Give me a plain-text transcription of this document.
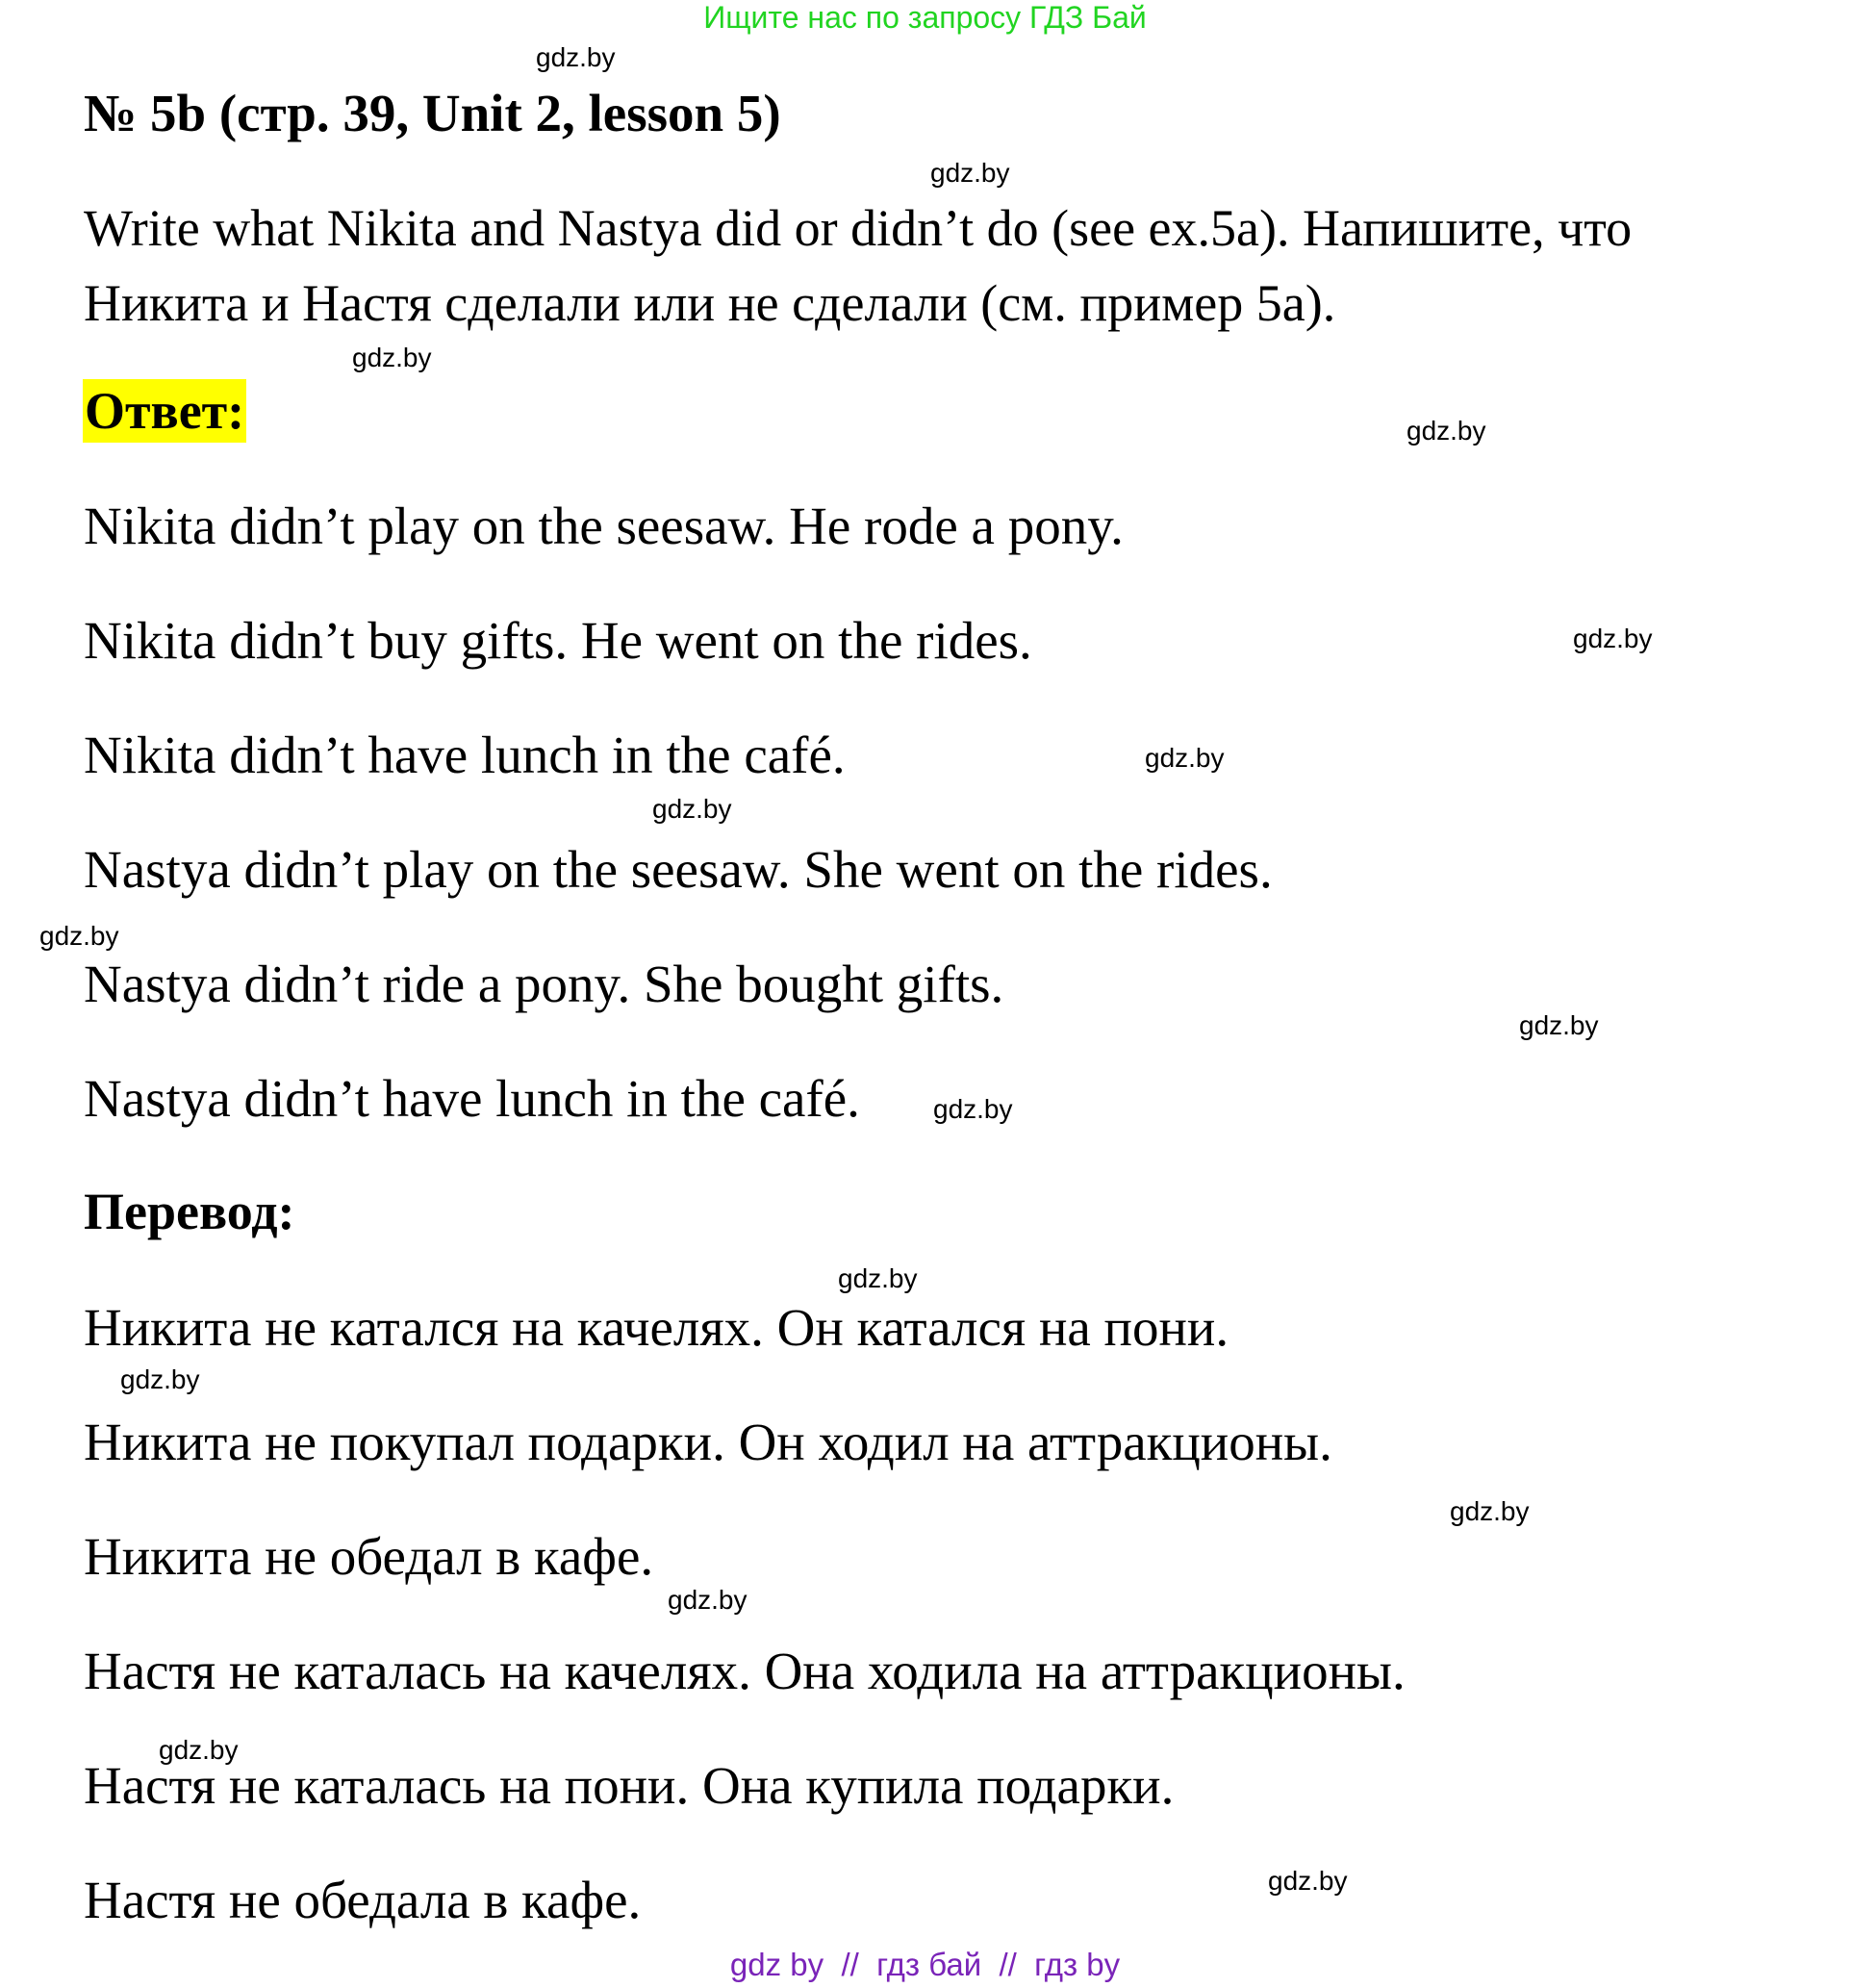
Ищите нас по запросу ГДЗ Бай
№ 5b (стр. 39, Unit 2, lesson 5)
Write what Nikita and Nastya did or didn’t do (see ex.5a). Напишите, что
Никита и Настя сделали или не сделали (см. пример 5а).
Ответ:
Nikita didn’t play on the seesaw. He rode a pony.
Nikita didn’t buy gifts. He went on the rides.
Nikita didn’t have lunch in the café.
Nastya didn’t play on the seesaw. She went on the rides.
Nastya didn’t ride a pony. She bought gifts.
Nastya didn’t have lunch in the café.
Перевод:
Никита не катался на качелях. Он катался на пони.
Никита не покупал подарки. Он ходил на аттракционы.
Никита не обедал в кафе.
Настя не каталась на качелях. Она ходила на аттракционы.
Настя не каталась на пони. Она купила подарки.
Настя не обедала в кафе.
gdz.by
gdz.by
gdz.by
gdz.by
gdz.by
gdz.by
gdz.by
gdz.by
gdz.by
gdz.by
gdz.by
gdz.by
gdz.by
gdz.by
gdz.by
gdz.by
gdz by  //  гдз бай  //  гдз by
